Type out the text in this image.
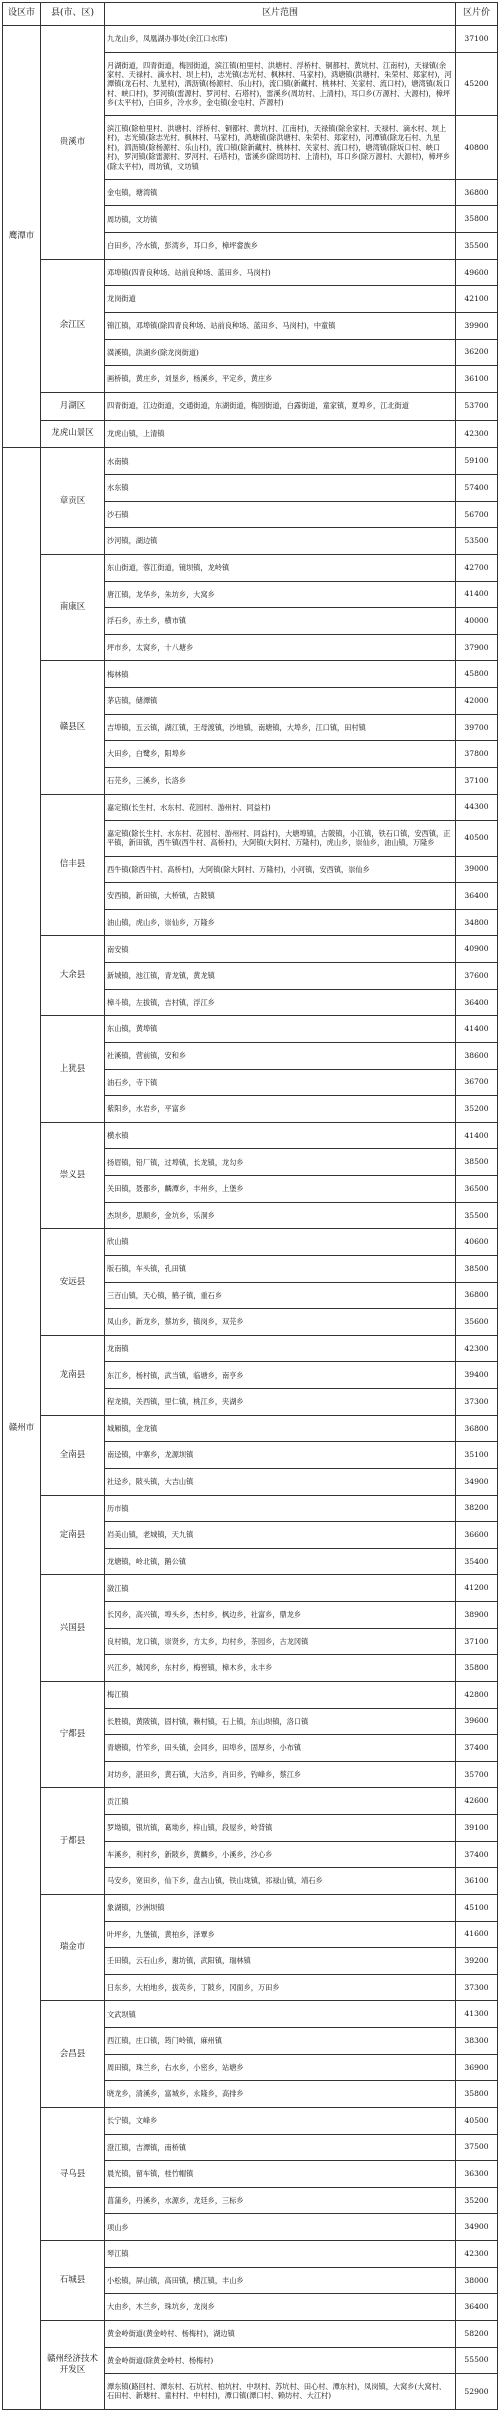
设区市	县(市、区)	区片范围	区片价
鹰潭市	贵溪市	九龙山乡，凤凰湖办事处(余江口水库)	37100
		月湖街道，四青街道，梅园街道，滨江镇(柏里村、洪塘村、浮桥村、铜都村、黄坑村、江南村)，天禄镇(余家村、天禄村、滴水村、坝上村)，志光镇(志光村、枫林村、马家村)，鸿塘镇(洪塘村、朱荣村、郑家村)，河潭镇(龙石村、九星村)，泗沥镇(杨源村、乐山村)，流口镇(新藏村、桃林村、关家村、流口村)，塘湾镇(坂口村、峡口村)，罗河镇(雷源村、罗河村、石塔村)，雷溪乡(周坊村、上清村)，耳口乡(万源村、大源村)，樟坪乡(太平村)，白田乡，冷水乡，金屯镇(金屯村、芦源村)	45200
		滨江镇(除柏里村、洪塘村、浮桥村、铜都村、黄坑村、江南村)，天禄镇(除余家村、天禄村、滴水村、坝上村)，志光镇(除志光村、枫林村、马家村)，鸿塘镇(除洪塘村、朱荣村、郑家村)，河潭镇(除龙石村、九星村)，泗沥镇(除杨源村、乐山村)，流口镇(除新藏村、桃林村、关家村、流口村)，塘湾镇(除坂口村、峡口村)，罗河镇(除雷源村、罗河村、石塔村)，雷溪乡(除周坊村、上清村)，耳口乡(除万源村、大源村)，樟坪乡(除太平村)，周坊镇，文坊镇	40800
		金屯镇，塘湾镇	36800
		周坊镇，文坊镇	35800
		白田乡，冷水镇，彭湾乡，耳口乡，樟坪畲族乡	35500
	余江区	邓埠镇(四青良种场、站前良种场、蓝田乡、马岗村)	49600
		龙岗街道	42100
		锦江镇，邓埠镇(除四青良种场、站前良种场、蓝田乡、马岗村)，中童镇	39900
		潢溪镇，洪湖乡(除龙岗街道)	36200
		画桥镇，黄庄乡，刘垦乡，杨溪乡，平定乡，黄庄乡	36100
	月湖区	四青街道，江边街道，交通街道，东湖街道，梅园街道，白露街道，童家镇，夏埠乡，江北街道	53700
	龙虎山景区	龙虎山镇，上清镇	42300
赣州市	章贡区	水南镇	59100
		水东镇	57400
		沙石镇	56700
		沙河镇，湖边镇	53500
	南康区	东山街道，蓉江街道，镜坝镇，龙岭镇	42700
		唐江镇，龙华乡，朱坊乡，大窝乡	41400
		浮石乡，赤土乡，横市镇	40000
		坪市乡，太窝乡，十八塘乡	37900
	赣县区	梅林镇	45800
		茅店镇，储潭镇	42000
		吉埠镇，五云镇，湖江镇，王母渡镇，沙地镇，南塘镇，大埠乡，江口镇，田村镇	39700
		大田乡，白鹭乡，阳埠乡	37800
		石芫乡，三溪乡，长洛乡	37100
	信丰县	嘉定镇(长生村、水东村、花园村、游州村、同益村)	44300
		嘉定镇(除长生村、水东村、花园村、游州村、同益村)，大塘埠镇，古陂镇，小江镇，铁石口镇，安西镇，正平镇，新田镇，西牛镇(西牛村、高桥村)，大阿镇(大阿村、万隆村)，虎山乡，崇仙乡，油山镇，万隆乡	40500
		西牛镇(除西牛村、高桥村)，大阿镇(除大阿村、万隆村)，小河镇，安西镇，崇仙乡	39000
		安西镇，新田镇，大桥镇，古陂镇	36400
		油山镇，虎山乡，崇仙乡，万隆乡	34800
	大余县	南安镇	40900
		新城镇，池江镇，青龙镇，黄龙镇	37600
		樟斗镇，左拔镇，吉村镇，浮江乡	36400
	上犹县	东山镇，黄埠镇	41400
		社溪镇，营前镇，安和乡	38600
		油石乡，寺下镇	36700
		紫阳乡，水岩乡，平富乡	35200
	崇义县	横水镇	41400
		扬眉镇，铅厂镇，过埠镇，长龙镇，龙勾乡	38500
		关田镇，聂都乡，麟潭乡，丰州乡，上堡乡	36500
		杰坝乡，思顺乡，金坑乡，乐洞乡	35500
	安远县	欣山镇	40600
		版石镇，车头镇，孔田镇	38500
		三百山镇，天心镇，鹤子镇，重石乡	36800
		凤山乡，新龙乡，蔡坊乡，镇岗乡，双芫乡	35600
	龙南县	龙南镇	42300
		东江乡，杨村镇，武当镇，临塘乡，南亨乡	39400
		程龙镇，关西镇，里仁镇，桃江乡，夹湖乡	37300
	全南县	城厢镇，金龙镇	36800
		南迳镇，中寨乡，龙源坝镇	35100
		社迳乡，陂头镇，大吉山镇	34900
	定南县	历市镇	38200
		岿美山镇，老城镇，天九镇	36600
		龙塘镇，岭北镇，鹅公镇	35400
	兴国县	潋江镇	41200
		长冈乡，高兴镇，埠头乡，杰村乡，枫边乡，社富乡，鼎龙乡	38900
		良村镇，龙口镇，崇贤乡，方太乡，均村乡，茶园乡，古龙冈镇	37100
		兴江乡，城冈乡，东村乡，梅窖镇，樟木乡，永丰乡	35800
	宁都县	梅江镇	42800
		长胜镇，黄陂镇，固村镇，赖村镇，石上镇，东山坝镇，洛口镇	39600
		青塘镇，竹笮乡，田头镇，会同乡，田埠乡，固厚乡，小布镇	37400
		对坊乡，湛田乡，黄石镇，大沽乡，肖田乡，钓峰乡，蔡江乡	35700
	于都县	贡江镇	42600
		罗坳镇，银坑镇，葛坳乡，梓山镇，段屋乡，岭背镇	39100
		车溪乡，利村乡，新陂乡，黄麟乡，小溪乡，沙心乡	37400
		马安乡，宽田乡，仙下乡，盘古山镇，铁山垅镇，祁禄山镇，靖石乡	36100
	瑞金市	象湖镇，沙洲坝镇	45100
		叶坪乡，九堡镇，黄柏乡，泽覃乡	41600
		壬田镇，云石山乡，谢坊镇，武阳镇，瑞林镇	39200
		日东乡，大柏地乡，拔英乡，丁陂乡，冈面乡，万田乡	37300
	会昌县	文武坝镇	41300
		西江镇，庄口镇，筠门岭镇，麻州镇	38300
		周田镇，珠兰乡，右水乡，小密乡，站塘乡	36900
		晓龙乡，清溪乡，富城乡，永隆乡，高排乡	35800
	寻乌县	长宁镇，文峰乡	40500
		澄江镇，吉潭镇，南桥镇	37500
		晨光镇，留车镇，桂竹帽镇	36300
		菖蒲乡，丹溪乡，水源乡，龙廷乡，三标乡	35200
		项山乡	34900
	石城县	琴江镇	42300
		小松镇，屏山镇，高田镇，横江镇，丰山乡	38000
		大由乡，木兰乡，珠坑乡，龙岗乡	36400
	赣州经济技术开发区	黄金岭街道(黄金岭村、杨梅村)，湖边镇	58200
		黄金岭街道(除黄金岭村、杨梅村)	55500
		潭东镇(路回村、潭东村、石坑村、柏坑村、中坝村、苏坑村、田心村、潭东村)，凤岗镇，大窝乡(大窝村、石田村、新塘村、童村村、中村村)，潭口镇(潭口村、赖坊村、大江村)	52900
